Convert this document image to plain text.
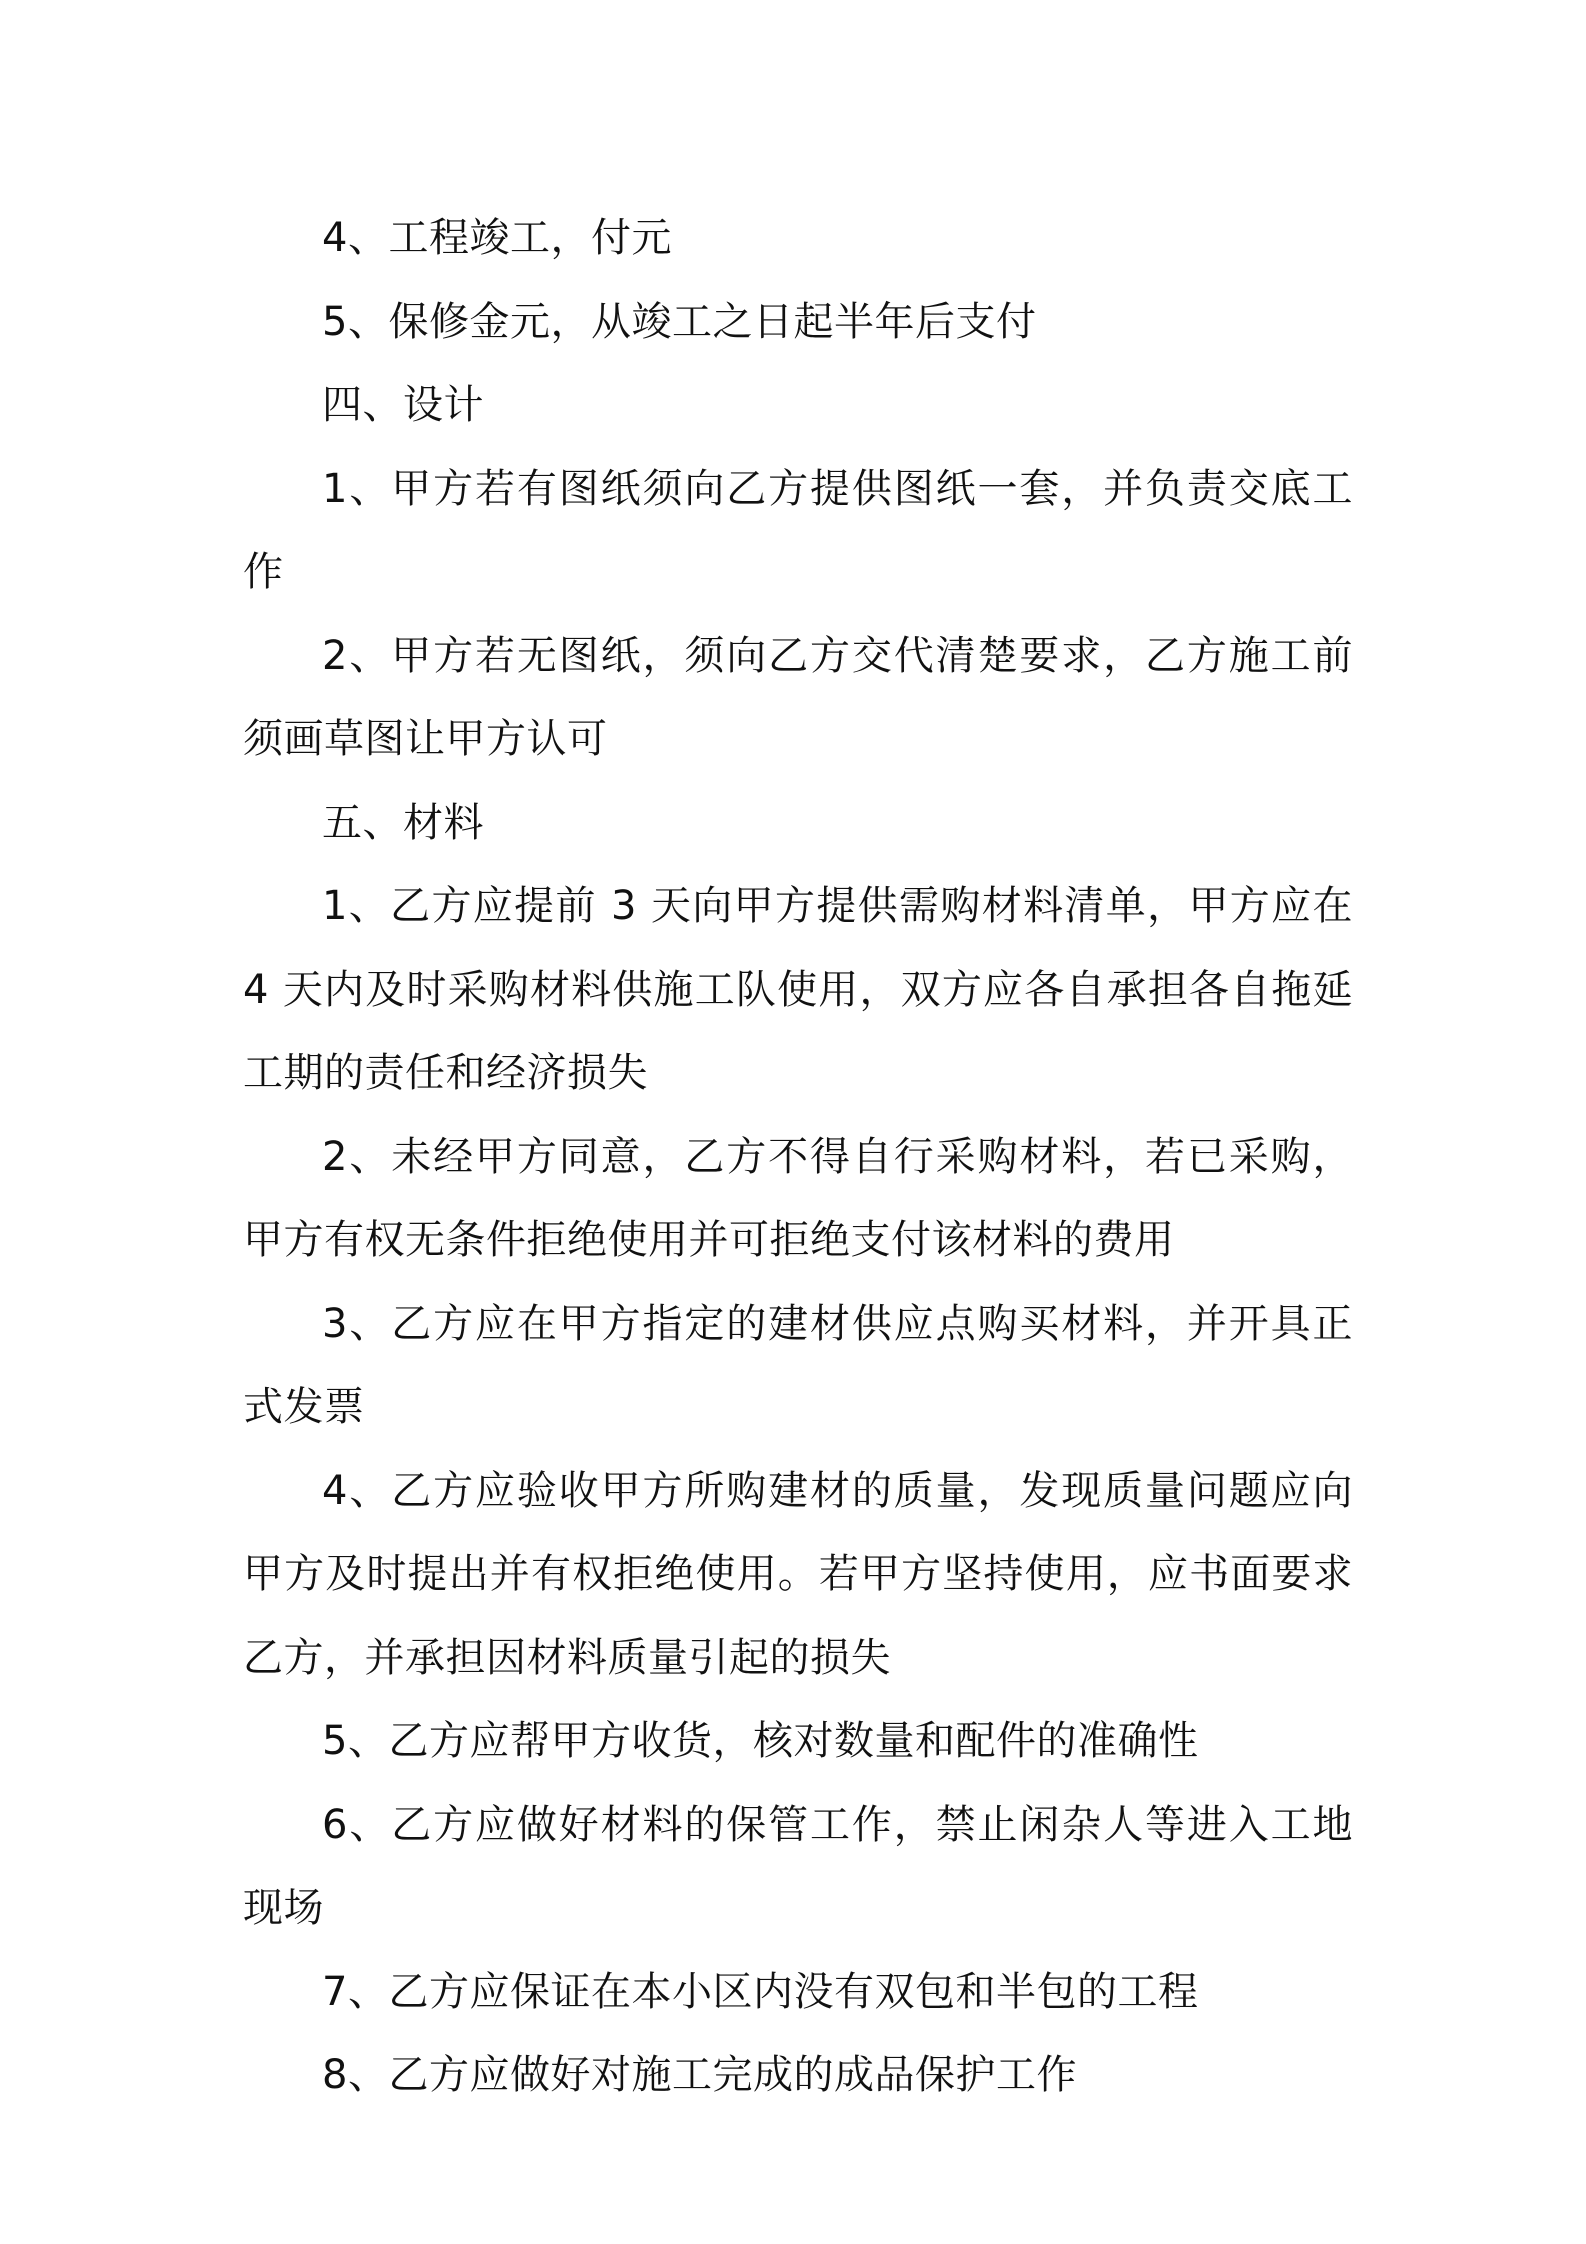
4、工程竣工，付元

5、保修金元，从竣工之日起半年后支付

四、设计

1、甲方若有图纸须向乙方提供图纸一套，并负责交底工作

2、甲方若无图纸，须向乙方交代清楚要求，乙方施工前须画草图让甲方认可

五、材料

1、乙方应提前 3 天向甲方提供需购材料清单，甲方应在 4 天内及时采购材料供施工队使用，双方应各自承担各自拖延工期的责任和经济损失

2、未经甲方同意，乙方不得自行采购材料，若已采购，甲方有权无条件拒绝使用并可拒绝支付该材料的费用

3、乙方应在甲方指定的建材供应点购买材料，并开具正式发票

4、乙方应验收甲方所购建材的质量，发现质量问题应向甲方及时提出并有权拒绝使用。若甲方坚持使用，应书面要求乙方，并承担因材料质量引起的损失

5、乙方应帮甲方收货，核对数量和配件的准确性

6、乙方应做好材料的保管工作，禁止闲杂人等进入工地现场

7、乙方应保证在本小区内没有双包和半包的工程

8、乙方应做好对施工完成的成品保护工作
